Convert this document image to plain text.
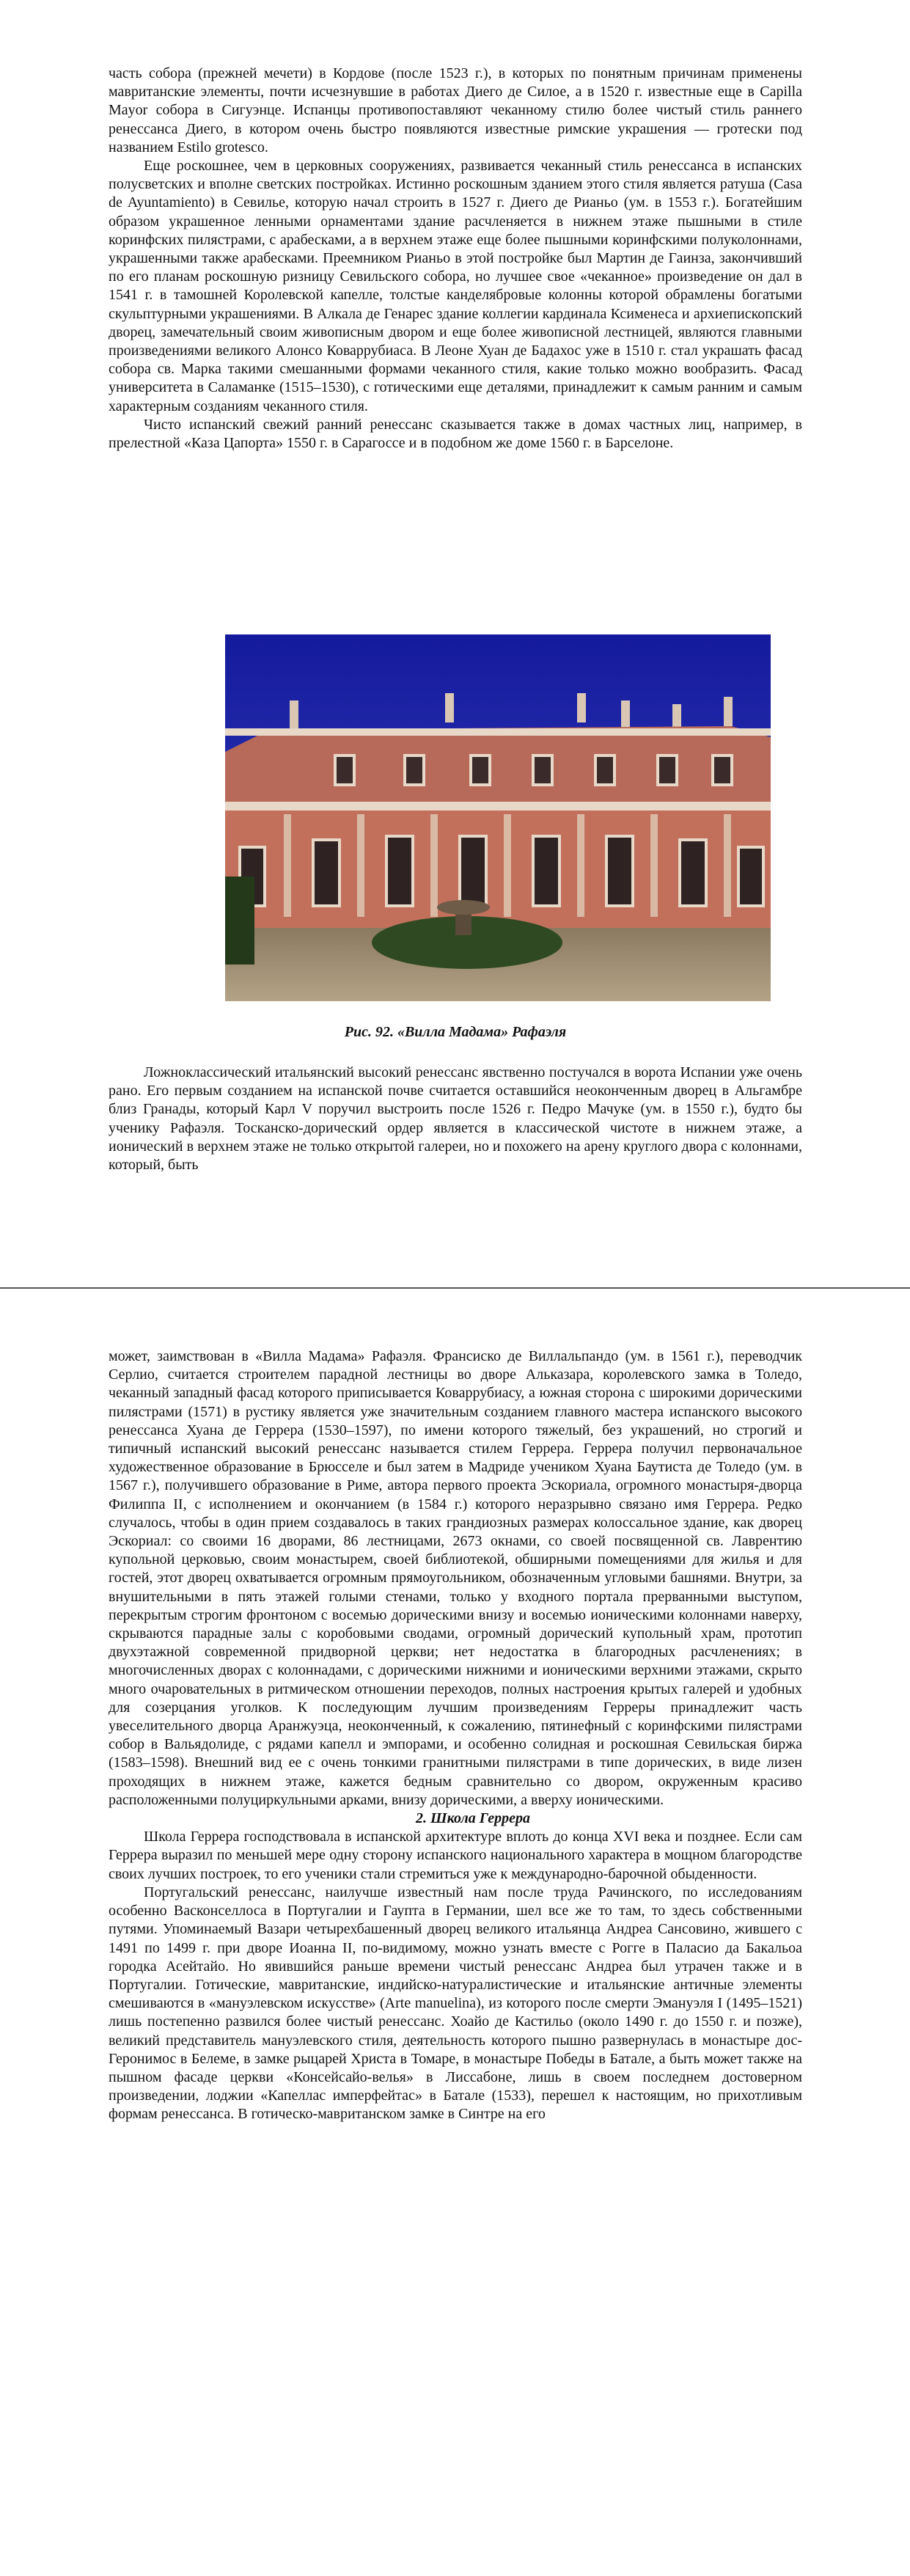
часть собора (прежней мечети) в Кордове (после 1523 г.), в которых по понятным причинам применены мавританские элементы, почти исчезнувшие в работах Диего де Силое, а в 1520 г. известные еще в Capilla Mayor собора в Сигуэнце. Испанцы противопоставляют чеканному стилю более чистый стиль раннего ренессанса Диего, в котором очень быстро появляются известные римские украшения — гротески под названием Estilo grotesco.

Еще роскошнее, чем в церковных сооружениях, развивается чеканный стиль ренессанса в испанских полусветских и вполне светских постройках. Истинно роскошным зданием этого стиля является ратуша (Casa de Ayuntamiento) в Севилье, которую начал строить в 1527 г. Диего де Рианьо (ум. в 1553 г.). Богатейшим образом украшенное ленными орнаментами здание расчленяется в нижнем этаже пышными в стиле коринфских пилястрами, с арабесками, а в верхнем этаже еще более пышными коринфскими полуколоннами, украшенными также арабесками. Преемником Рианьо в этой постройке был Мартин де Гаинза, закончивший по его планам роскошную ризницу Севильского собора, но лучшее свое «чеканное» произведение он дал в 1541 г. в тамошней Королевской капелле, толстые канделябровые колонны которой обрамлены богатыми скульптурными украшениями. В Алкала де Генарес здание коллегии кардинала Ксименеса и архиепископский дворец, замечательный своим живописным двором и еще более живописной лестницей, являются главными произведениями великого Алонсо Коваррубиаса. В Леоне Хуан де Бадахос уже в 1510 г. стал украшать фасад собора св. Марка такими смешанными формами чеканного стиля, какие только можно вообразить. Фасад университета в Саламанке (1515–1530), с готическими еще деталями, принадлежит к самым ранним и самым характерным созданиям чеканного стиля.

Чисто испанский свежий ранний ренессанс сказывается также в домах частных лиц, например, в прелестной «Каза Цапорта» 1550 г. в Сарагоссе и в подобном же доме 1560 г. в Барселоне.

Рис. 92. «Вилла Мадама» Рафаэля

Ложноклассический итальянский высокий ренессанс явственно постучался в ворота Испании уже очень рано. Его первым созданием на испанской почве считается оставшийся неоконченным дворец в Альгамбре близ Гранады, который Карл V поручил выстроить после 1526 г. Педро Мачуке (ум. в 1550 г.), будто бы ученику Рафаэля. Тосканско-дорический ордер является в классической чистоте в нижнем этаже, а ионический в верхнем этаже не только открытой галереи, но и похожего на арену круглого двора с колоннами, который, быть

может, заимствован в «Вилла Мадама» Рафаэля. Франсиско де Виллальпандо (ум. в 1561 г.), переводчик Серлио, считается строителем парадной лестницы во дворе Альказара, королевского замка в Толедо, чеканный западный фасад которого приписывается Коваррубиасу, а южная сторона с широкими дорическими пилястрами (1571) в рустику является уже значительным созданием главного мастера испанского высокого ренессанса Хуана де Геррера (1530–1597), по имени которого тяжелый, без украшений, но строгий и типичный испанский высокий ренессанс называется стилем Геррера. Геррера получил первоначальное художественное образование в Брюсселе и был затем в Мадриде учеником Хуана Баутиста де Толедо (ум. в 1567 г.), получившего образование в Риме, автора первого проекта Эскориала, огромного монастыря-дворца Филиппа II, с исполнением и окончанием (в 1584 г.) которого неразрывно связано имя Геррера. Редко случалось, чтобы в один прием создавалось в таких грандиозных размерах колоссальное здание, как дворец Эскориал: со своими 16 дворами, 86 лестницами, 2673 окнами, со своей посвященной св. Лаврентию купольной церковью, своим монастырем, своей библиотекой, обширными помещениями для жилья и для гостей, этот дворец охватывается огромным прямоугольником, обозначенным угловыми башнями. Внутри, за внушительными в пять этажей голыми стенами, только у входного портала прерванными выступом, перекрытым строгим фронтоном с восемью дорическими внизу и восемью ионическими колоннами наверху, скрываются парадные залы с коробовыми сводами, огромный дорический купольный храм, прототип двухэтажной современной придворной церкви; нет недостатка в благородных расчленениях; в многочисленных дворах с колоннадами, с дорическими нижними и ионическими верхними этажами, скрыто много очаровательных в ритмическом отношении переходов, полных настроения крытых галерей и удобных для созерцания уголков. К последующим лучшим произведениям Герреры принадлежит часть увеселительного дворца Аранжуэца, неоконченный, к сожалению, пятинефный с коринфскими пилястрами собор в Вальядолиде, с рядами капелл и эмпорами, и особенно солидная и роскошная Севильская биржа (1583–1598). Внешний вид ее с очень тонкими гранитными пилястрами в типе дорических, в виде лизен проходящих в нижнем этаже, кажется бедным сравнительно со двором, окруженным красиво расположенными полуциркульными арками, внизу дорическими, а вверху ионическими.

2. Школа Геррера

Школа Геррера господствовала в испанской архитектуре вплоть до конца XVI века и позднее. Если сам Геррера выразил по меньшей мере одну сторону испанского национального характера в мощном благородстве своих лучших построек, то его ученики стали стремиться уже к международно-барочной обыденности.

Португальский ренессанс, наилучше известный нам после труда Рачинского, по исследованиям особенно Васконселлоса в Португалии и Гаупта в Германии, шел все же то там, то здесь собственными путями. Упоминаемый Вазари четырехбашенный дворец великого итальянца Андреа Сансовино, жившего с 1491 по 1499 г. при дворе Иоанна II, по-видимому, можно узнать вместе с Рогге в Паласио да Бакальоа городка Асейтайо. Но явившийся раньше времени чистый ренессанс Андреа был утрачен также и в Португалии. Готические, мавританские, индийско-натуралистические и итальянские античные элементы смешиваются в «мануэлевском искусстве» (Arte manuelina), из которого после смерти Эмануэля I (1495–1521) лишь постепенно развился более чистый ренессанс. Хоайо де Кастильо (около 1490 г. до 1550 г. и позже), великий представитель мануэлевского стиля, деятельность которого пышно развернулась в монастыре дос-Геронимос в Белеме, в замке рыцарей Христа в Томаре, в монастыре Победы в Батале, а быть может также на пышном фасаде церкви «Консейсайо-велья» в Лиссабоне, лишь в своем последнем достоверном произведении, лоджии «Капеллас имперфейтас» в Батале (1533), перешел к настоящим, но прихотливым формам ренессанса. В готическо-мавританском замке в Синтре на его
